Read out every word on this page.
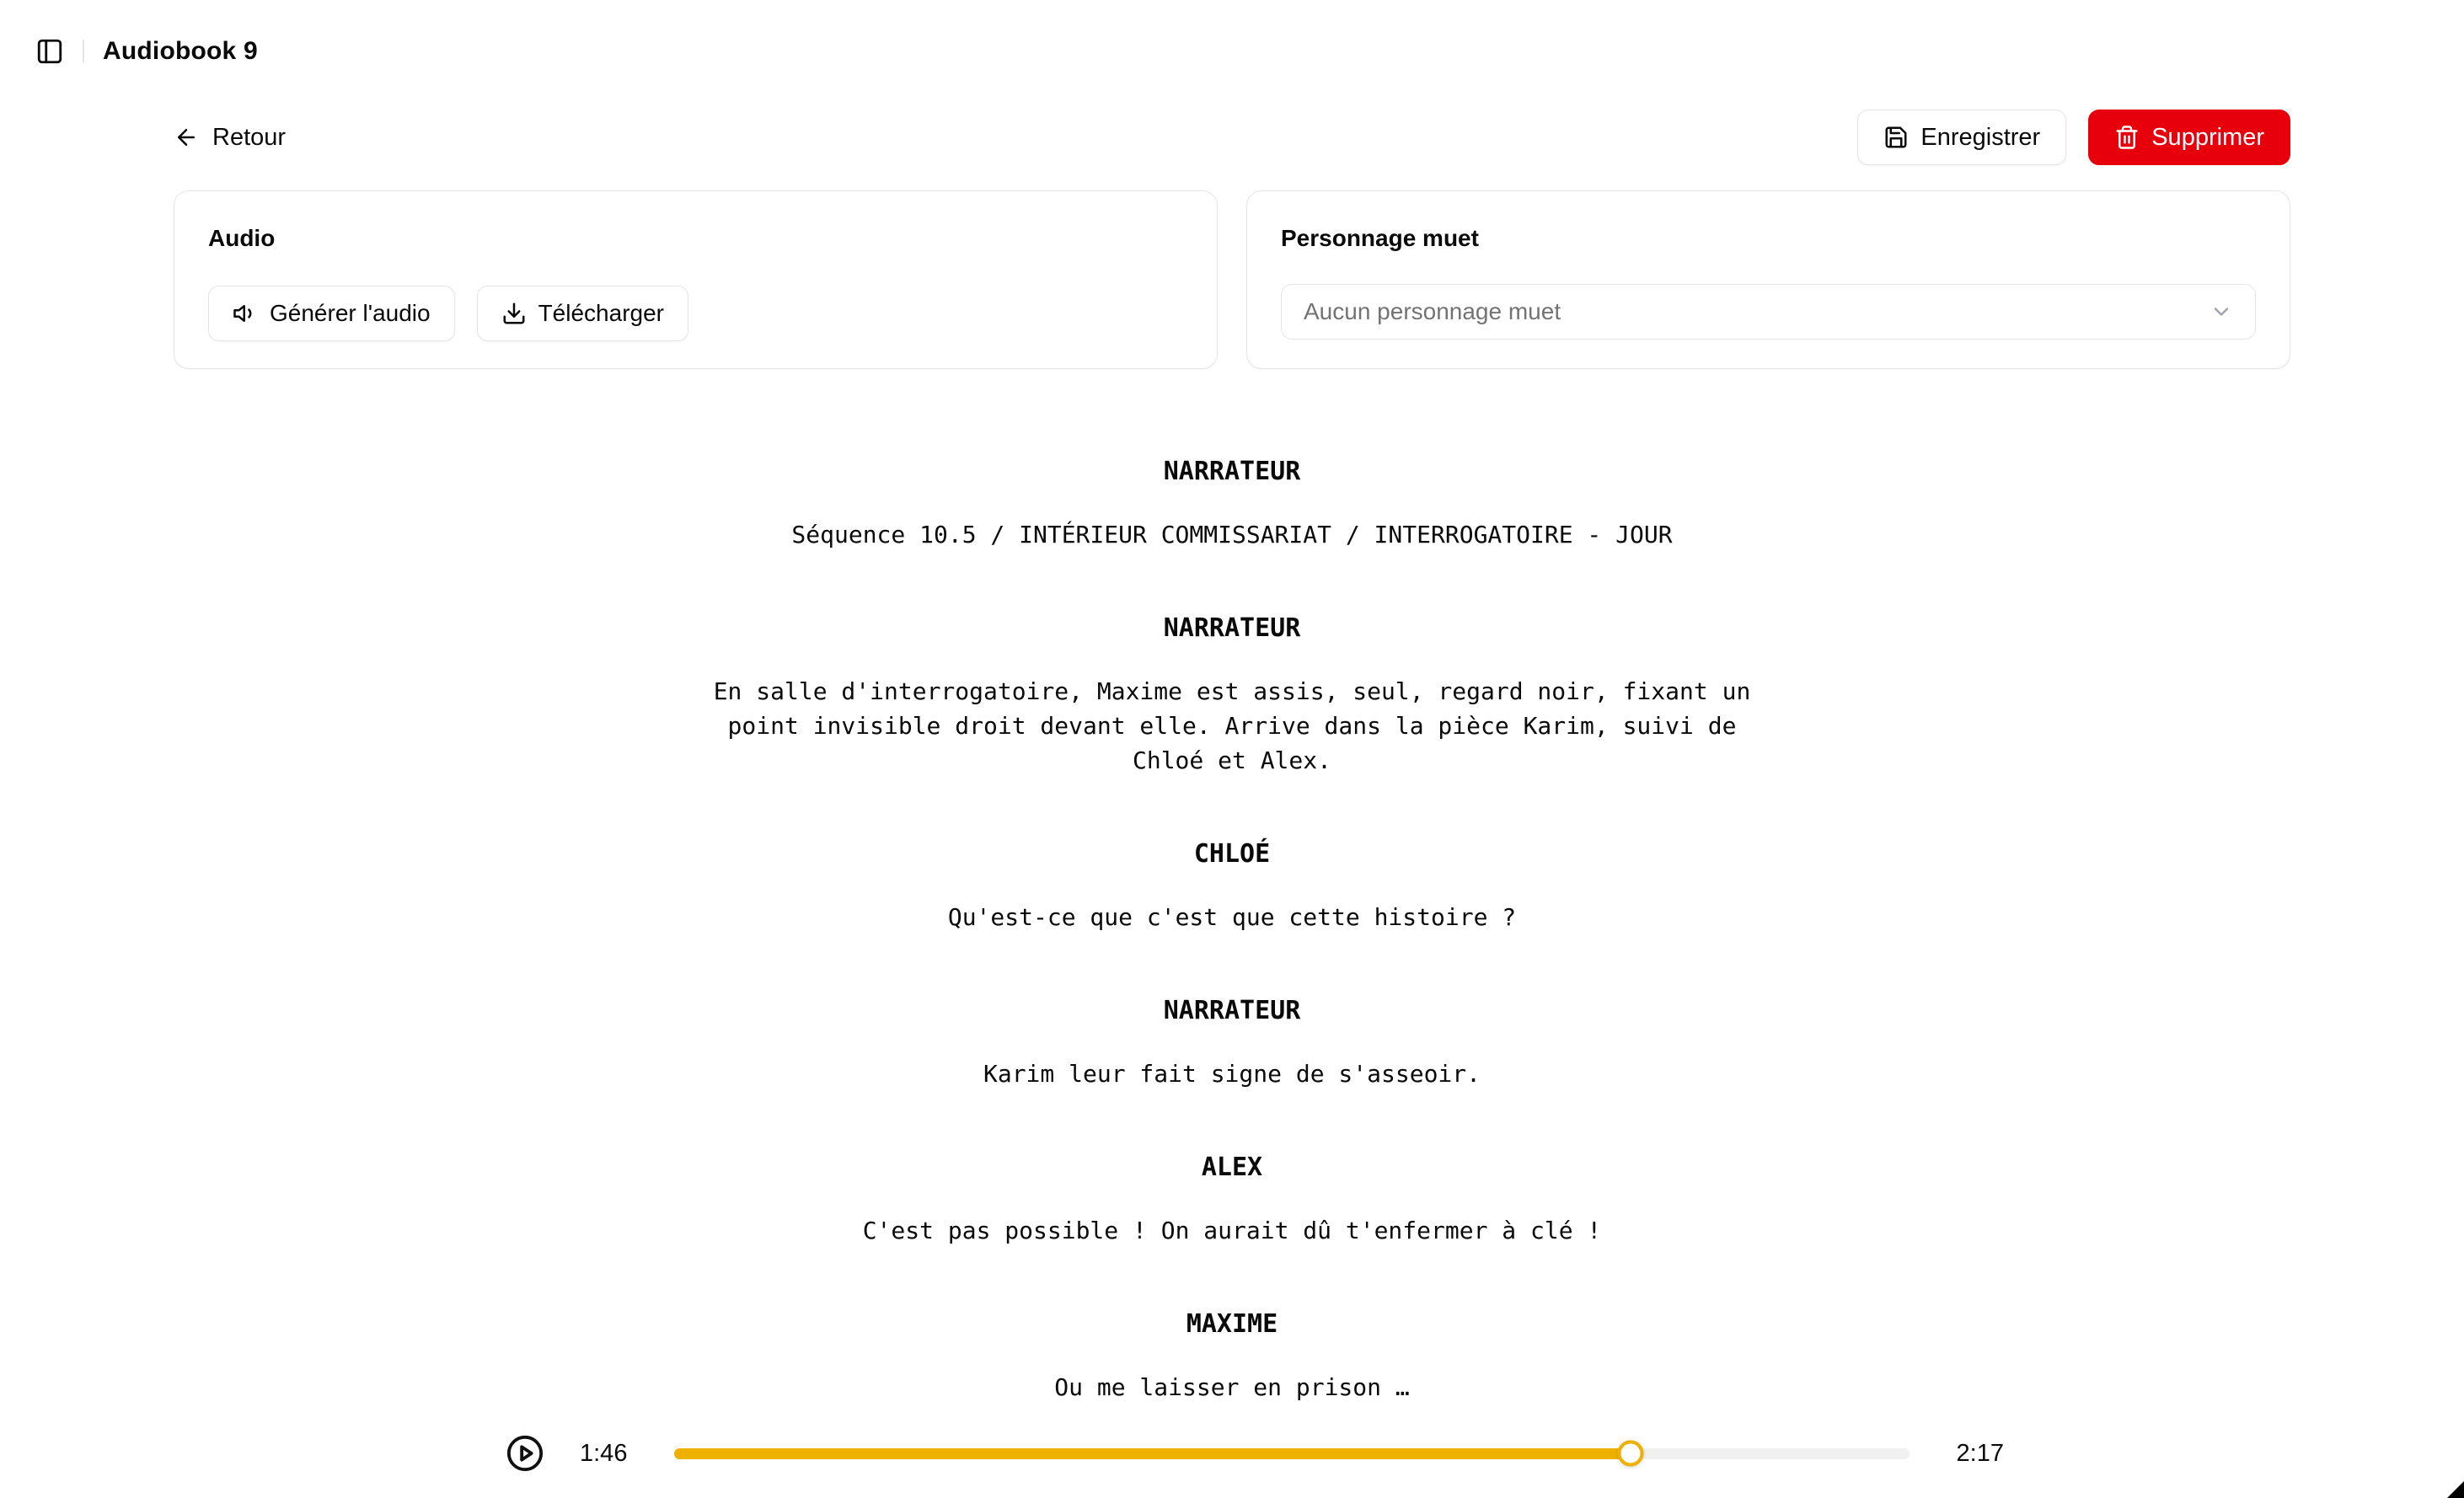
Audiobook 9
Retour	Enregistrer	Supprimer
Audio
Générer l'audio	Télécharger
Personnage muet
Aucun personnage muet
NARRATEUR
Séquence 10.5 / INTÉRIEUR COMMISSARIAT / INTERROGATOIRE - JOUR
NARRATEUR
En salle d'interrogatoire, Maxime est assis, seul, regard noir, fixant un point invisible droit devant elle. Arrive dans la pièce Karim, suivi de Chloé et Alex.
CHLOÉ
Qu'est-ce que c'est que cette histoire ?
NARRATEUR
Karim leur fait signe de s'asseoir.
ALEX
C'est pas possible ! On aurait dû t'enfermer à clé !
MAXIME
Ou me laisser en prison …
1:46	2:17
